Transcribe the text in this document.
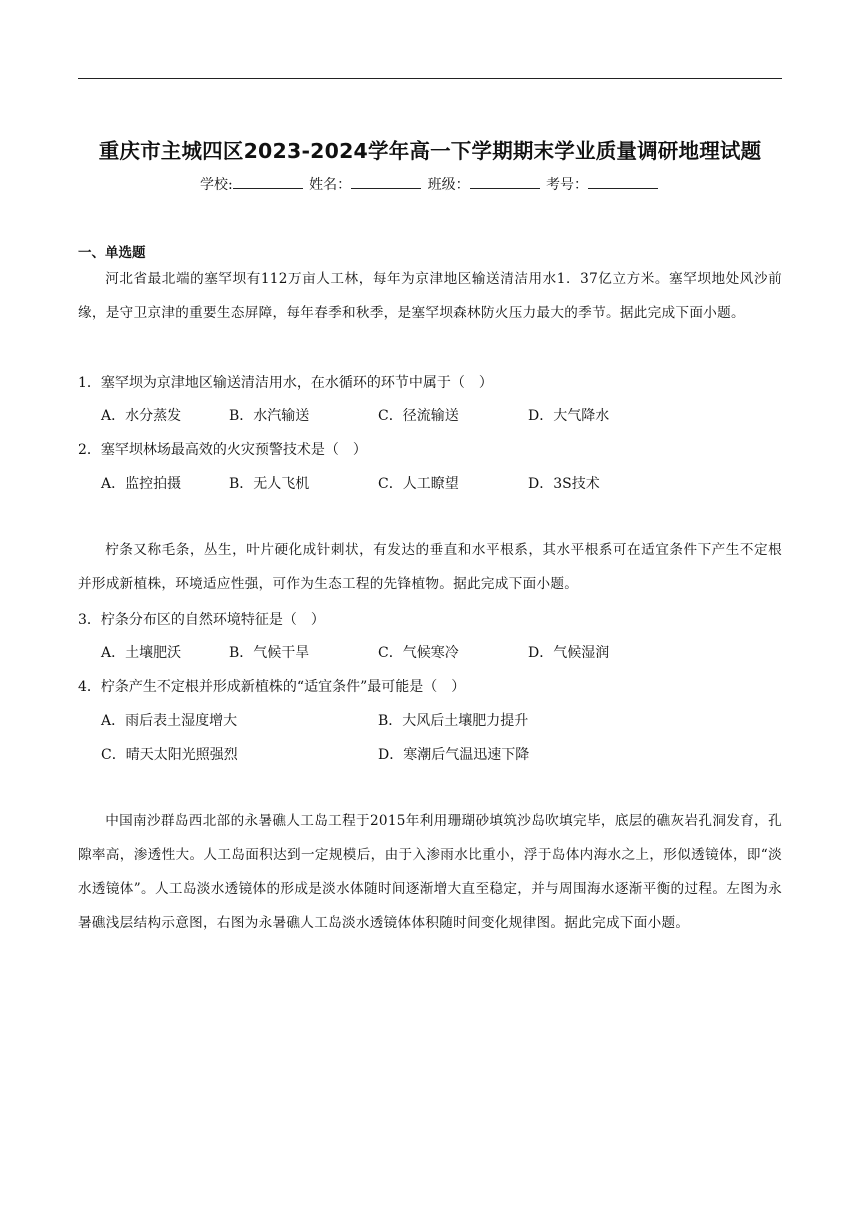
重庆市主城四区2023-2024学年高一下学期期末学业质量调研地理试题
学校:	姓名：	班级：	考号：
一、单选题
河北省最北端的塞罕坝有112万亩人工林，每年为京津地区输送清洁用水1．37亿立方米。塞罕坝地处风沙前缘，是守卫京津的重要生态屏障，每年春季和秋季，是塞罕坝森林防火压力最大的季节。据此完成下面小题。
1．塞罕坝为京津地区输送清洁用水，在水循环的环节中属于（　）
A．水分蒸发	B．水汽输送	C．径流输送	D．大气降水
2．塞罕坝林场最高效的火灾预警技术是（　）
A．监控拍摄	B．无人飞机	C．人工瞭望	D．3S技术
柠条又称毛条，丛生，叶片硬化成针刺状，有发达的垂直和水平根系，其水平根系可在适宜条件下产生不定根并形成新植株，环境适应性强，可作为生态工程的先锋植物。据此完成下面小题。
3．柠条分布区的自然环境特征是（　）
A．土壤肥沃	B．气候干旱	C．气候寒冷	D．气候湿润
4．柠条产生不定根并形成新植株的“适宜条件”最可能是（　）
A．雨后表土湿度增大	B．大风后土壤肥力提升
C．晴天太阳光照强烈	D．寒潮后气温迅速下降
中国南沙群岛西北部的永暑礁人工岛工程于2015年利用珊瑚砂填筑沙岛吹填完毕，底层的礁灰岩孔洞发育，孔隙率高，渗透性大。人工岛面积达到一定规模后，由于入渗雨水比重小，浮于岛体内海水之上，形似透镜体，即“淡水透镜体”。人工岛淡水透镜体的形成是淡水体随时间逐渐增大直至稳定，并与周围海水逐渐平衡的过程。左图为永暑礁浅层结构示意图，右图为永暑礁人工岛淡水透镜体体积随时间变化规律图。据此完成下面小题。
